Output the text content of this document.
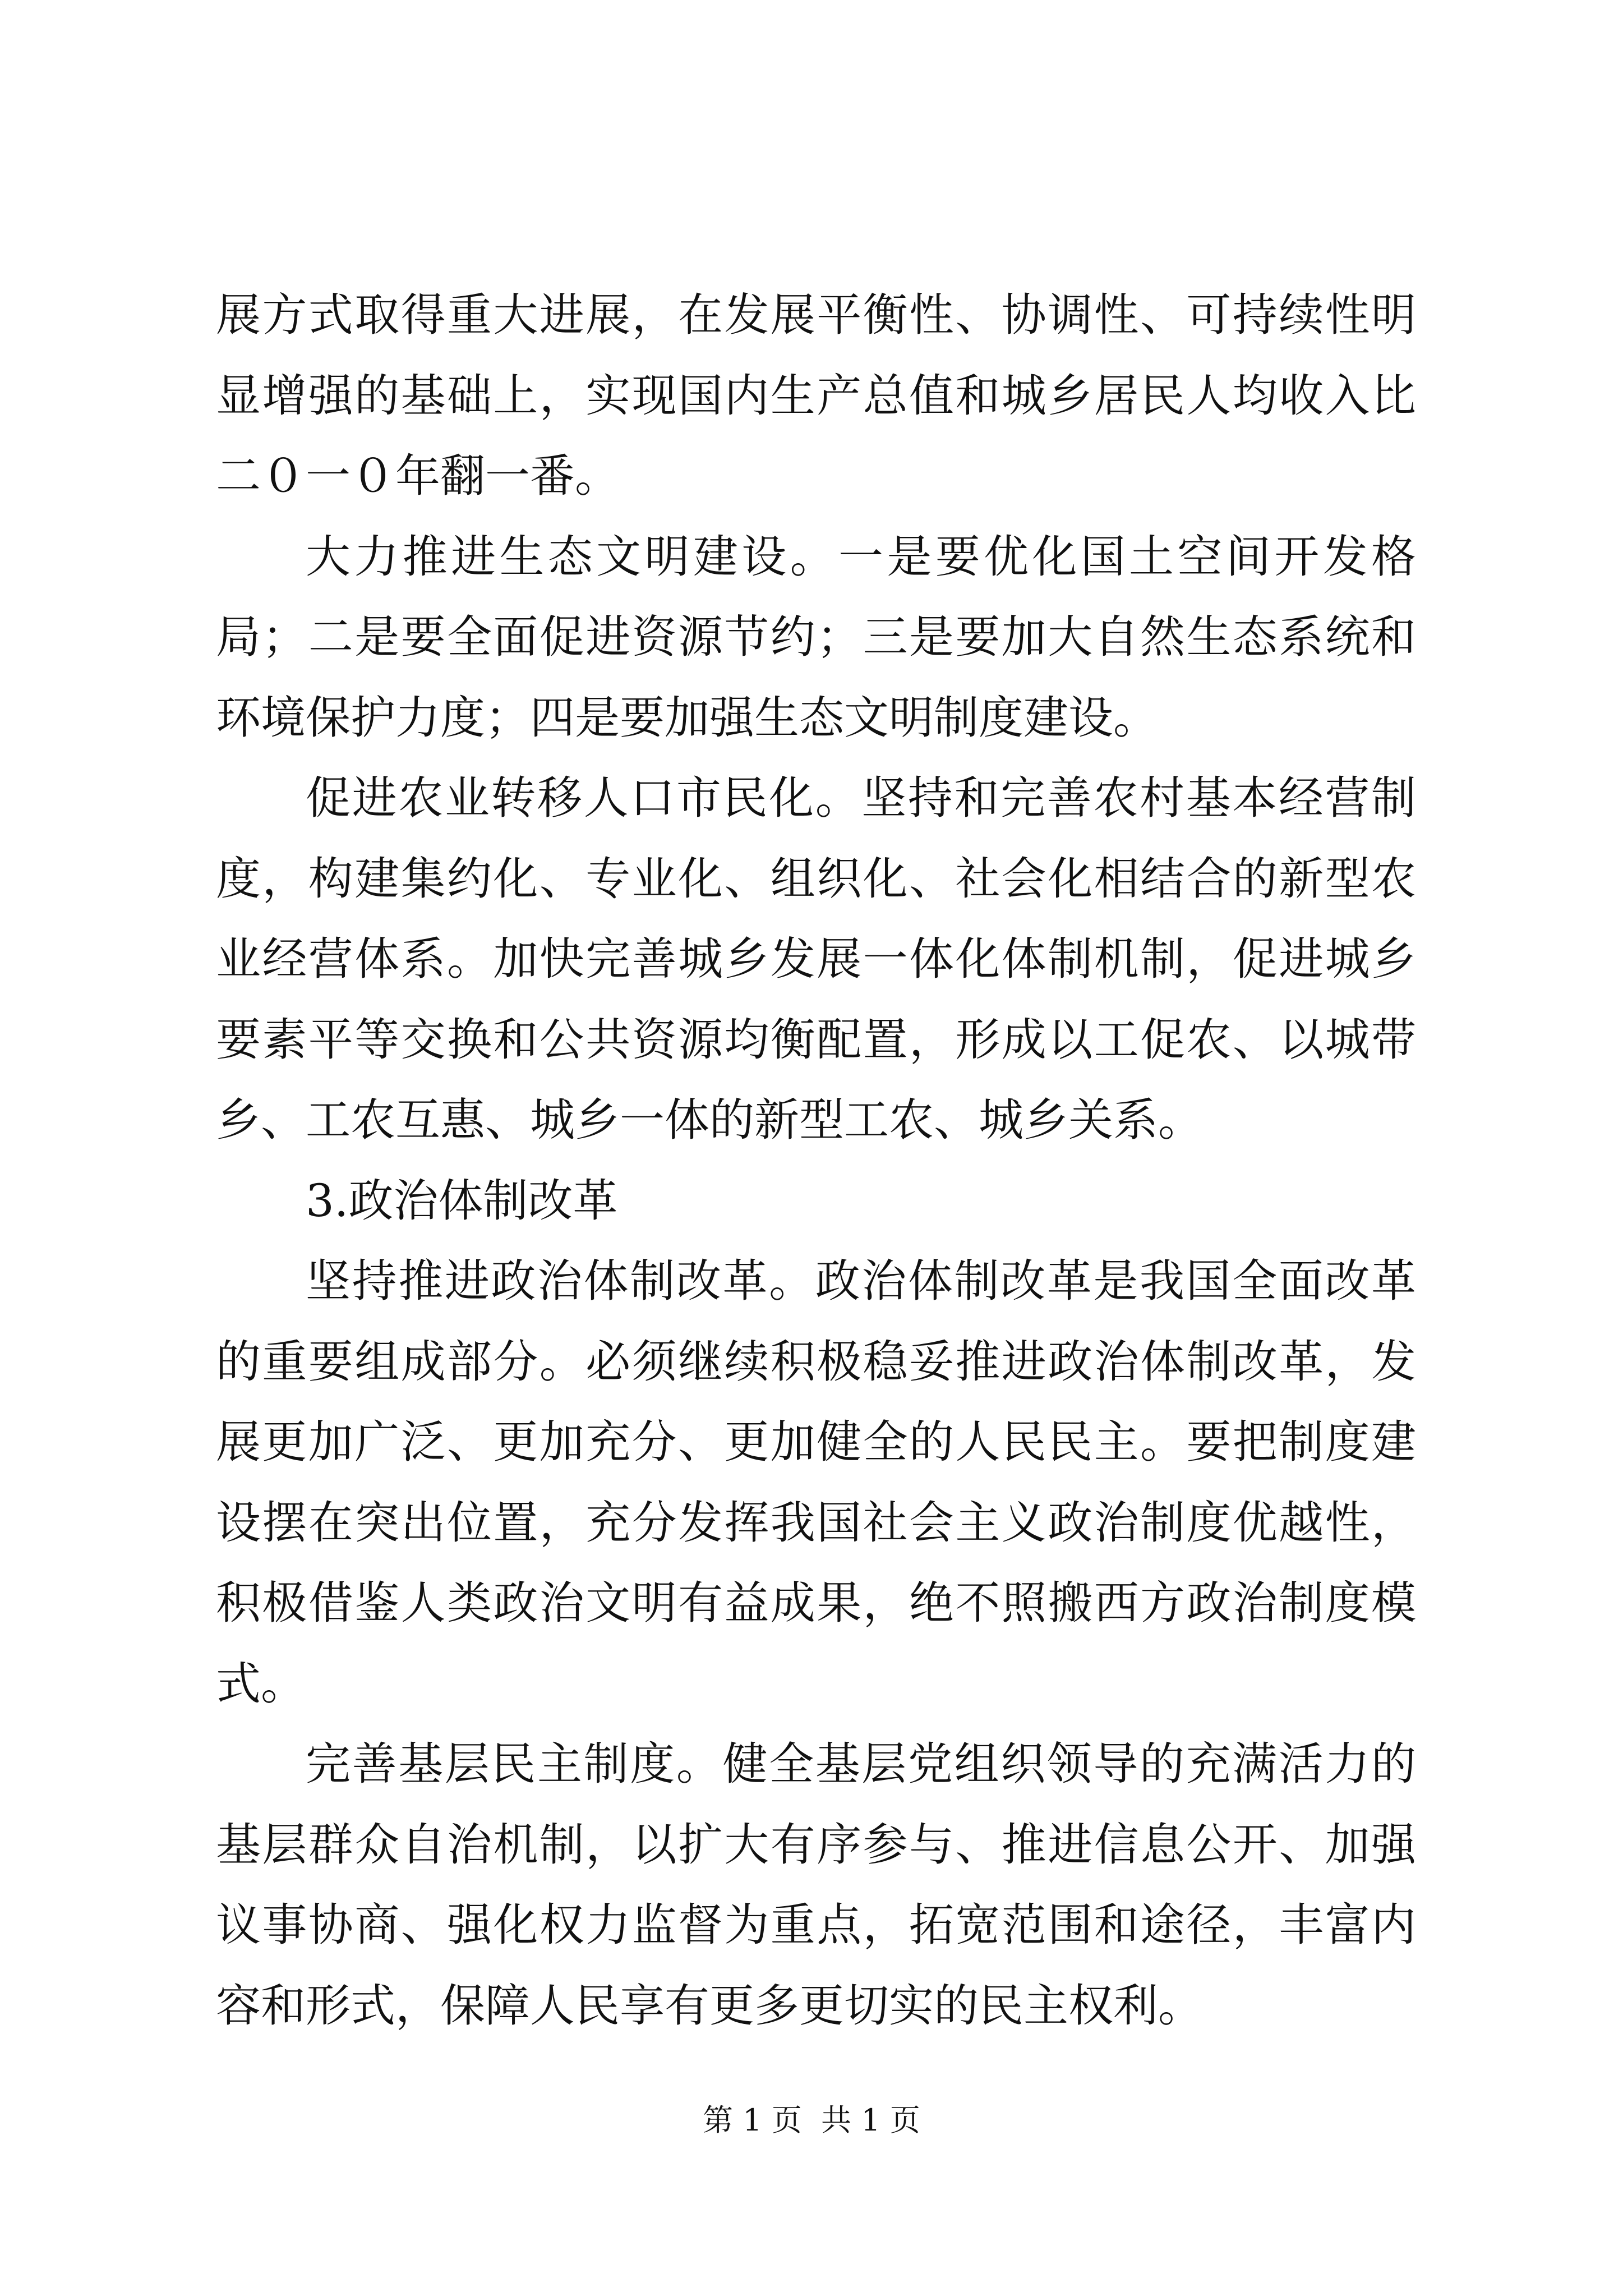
展方式取得重大进展，在发展平衡性、协调性、可持续性明显增强的基础上，实现国内生产总值和城乡居民人均收入比二０一０年翻一番。

大力推进生态文明建设。一是要优化国土空间开发格局；二是要全面促进资源节约；三是要加大自然生态系统和环境保护力度；四是要加强生态文明制度建设。

促进农业转移人口市民化。坚持和完善农村基本经营制度，构建集约化、专业化、组织化、社会化相结合的新型农业经营体系。加快完善城乡发展一体化体制机制，促进城乡要素平等交换和公共资源均衡配置，形成以工促农、以城带乡、工农互惠、城乡一体的新型工农、城乡关系。

3.政治体制改革

坚持推进政治体制改革。政治体制改革是我国全面改革的重要组成部分。必须继续积极稳妥推进政治体制改革，发展更加广泛、更加充分、更加健全的人民民主。要把制度建设摆在突出位置，充分发挥我国社会主义政治制度优越性，积极借鉴人类政治文明有益成果，绝不照搬西方政治制度模式。

完善基层民主制度。健全基层党组织领导的充满活力的基层群众自治机制，以扩大有序参与、推进信息公开、加强议事协商、强化权力监督为重点，拓宽范围和途径，丰富内容和形式，保障人民享有更多更切实的民主权利。

第 1 页  共 1 页
